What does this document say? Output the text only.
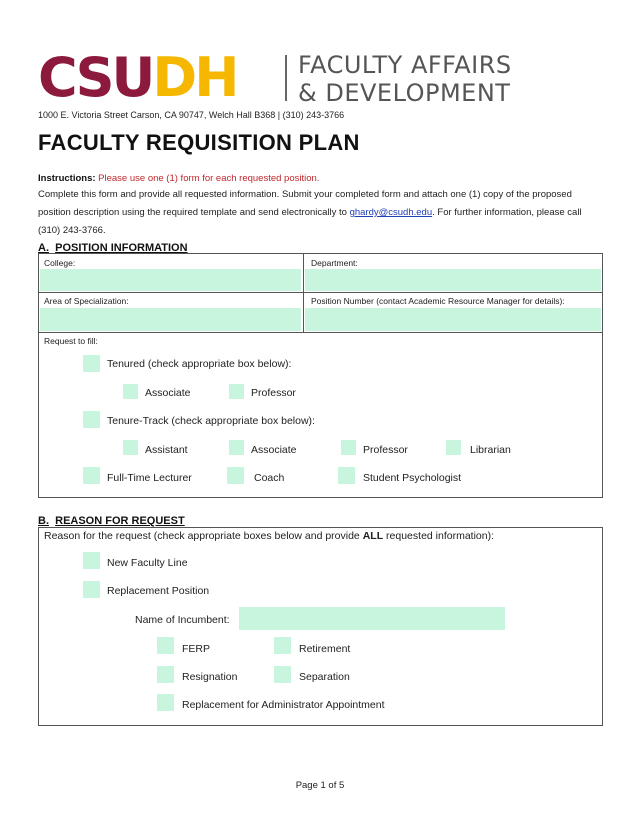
CSUDH	FACULTY AFFAIRS
& DEVELOPMENT
1000 E. Victoria Street Carson, CA 90747, Welch Hall B368 | (310) 243-3766
FACULTY REQUISITION PLAN
Instructions: Please use one (1) form for each requested position.
Complete this form and provide all requested information. Submit your completed form and attach one (1) copy of the proposed position description using the required template and send electronically to ghardy@csudh.edu. For further information, please call (310) 243-3766.
A. POSITION INFORMATION
College:	Department:
Area of Specialization:	Position Number (contact Academic Resource Manager for details):
Request to fill:
Tenured (check appropriate box below):
Associate	Professor
Tenure-Track (check appropriate box below):
Assistant	Associate	Professor	Librarian
Full-Time Lecturer	Coach	Student Psychologist
B. REASON FOR REQUEST
Reason for the request (check appropriate boxes below and provide ALL requested information):
New Faculty Line
Replacement Position
Name of Incumbent:
FERP	Retirement
Resignation	Separation
Replacement for Administrator Appointment
Page 1 of 5
